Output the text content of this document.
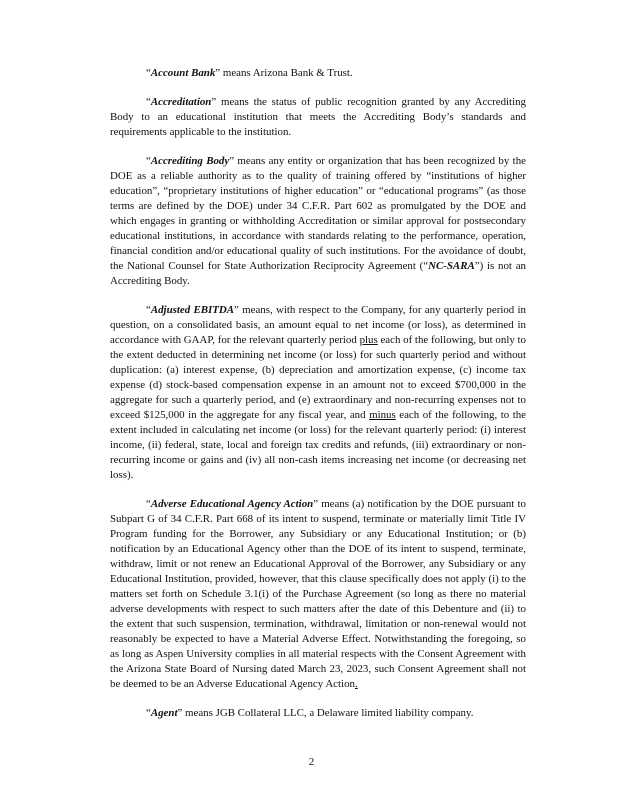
“Account Bank” means Arizona Bank & Trust.

“Accreditation” means the status of public recognition granted by any Accrediting Body to an educational institution that meets the Accrediting Body’s standards and requirements applicable to the institution.

“Accrediting Body” means any entity or organization that has been recognized by the DOE as a reliable authority as to the quality of training offered by “institutions of higher education”, “proprietary institutions of higher education” or “educational programs” (as those terms are defined by the DOE) under 34 C.F.R. Part 602 as promulgated by the DOE and which engages in granting or withholding Accreditation or similar approval for postsecondary educational institutions, in accordance with standards relating to the performance, operation, financial condition and/or educational quality of such institutions. For the avoidance of doubt, the National Counsel for State Authorization Reciprocity Agreement (“NC-SARA”) is not an Accrediting Body.

“Adjusted EBITDA” means, with respect to the Company, for any quarterly period in question, on a consolidated basis, an amount equal to net income (or loss), as determined in accordance with GAAP, for the relevant quarterly period plus each of the following, but only to the extent deducted in determining net income (or loss) for such quarterly period and without duplication: (a) interest expense, (b) depreciation and amortization expense, (c) income tax expense (d) stock-based compensation expense in an amount not to exceed $700,000 in the aggregate for such a quarterly period, and (e) extraordinary and non-recurring expenses not to exceed $125,000 in the aggregate for any fiscal year, and minus each of the following, to the extent included in calculating net income (or loss) for the relevant quarterly period: (i) interest income, (ii) federal, state, local and foreign tax credits and refunds, (iii) extraordinary or non-recurring income or gains and (iv) all non-cash items increasing net income (or decreasing net loss).

“Adverse Educational Agency Action” means (a) notification by the DOE pursuant to Subpart G of 34 C.F.R. Part 668 of its intent to suspend, terminate or materially limit Title IV Program funding for the Borrower, any Subsidiary or any Educational Institution; or (b) notification by an Educational Agency other than the DOE of its intent to suspend, terminate, withdraw, limit or not renew an Educational Approval of the Borrower, any Subsidiary or any Educational Institution, provided, however, that this clause specifically does not apply (i) to the matters set forth on Schedule 3.1(i) of the Purchase Agreement (so long as there no material adverse developments with respect to such matters after the date of this Debenture and (ii) to the extent that such suspension, termination, withdrawal, limitation or non-renewal would not reasonably be expected to have a Material Adverse Effect. Notwithstanding the foregoing, so as long as Aspen University complies in all material respects with the Consent Agreement with the Arizona State Board of Nursing dated March 23, 2023, such Consent Agreement shall not be deemed to be an Adverse Educational Agency Action.

“Agent” means JGB Collateral LLC, a Delaware limited liability company.

2
